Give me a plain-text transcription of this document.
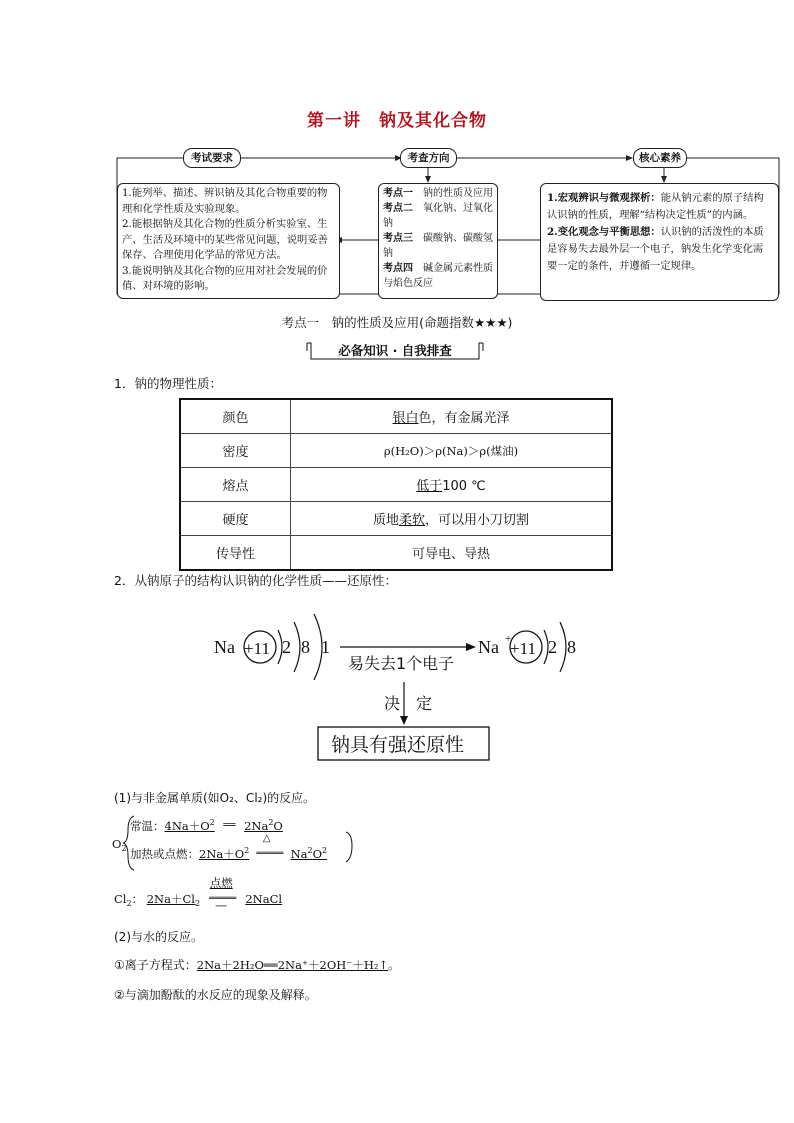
第一讲　钠及其化合物
考试要求	考查方向	核心素养

1.能列举、描述、辨识钠及其化合物重要的物理和化学性质及实验现象。

2.能根据钠及其化合物的性质分析实验室、生产、生活及环境中的某些常见问题，说明妥善保存、合理使用化学品的常见方法。

3.能说明钠及其化合物的应用对社会发展的价值、对环境的影响。

考点一　 钠的性质及应用
考点二　 氧化钠、过氧化钠
考点三　 碳酸钠、碳酸氢钠
考点四　 碱金属元素性质与焰色反应

1.宏观辨识与微观探析：能从钠元素的原子结构认识钠的性质，理解“结构决定性质”的内涵。

2.变化观念与平衡思想：认识钠的活泼性的本质是容易失去最外层一个电子，钠发生化学变化需要一定的条件，并遵循一定规律。

考点一　钠的性质及应用(命题指数★★★)
必备知识 · 自我排查
1．钠的物理性质：
颜色	银白色，有金属光泽
密度	ρ(H₂O)＞ρ(Na)＞ρ(煤油)
熔点	低于100 ℃
硬度	质地柔软，可以用小刀切割
传导性	可导电、导热
2．从钠原子的结构认识钠的化学性质——还原性：
Na +11 2 8 1
易失去1个电子
Na +
+11 2 8
决　定
钠具有强还原性
(1)与非金属单质(如O₂、Cl₂)的反应。
$O_2$
常温：$4Na+O^2$ ══ 2Na$^2$O
加热或点燃：$2Na+O^2$
△
═════ $Na^2O^2$
$Cl_2$： $2Na+Cl_2$
点燃
═════
──
2NaCl
(2)与水的反应。
①离子方程式：2Na＋2H₂O══2Na⁺＋2OH⁻＋H₂↑。
②与滴加酚酞的水反应的现象及解释。
